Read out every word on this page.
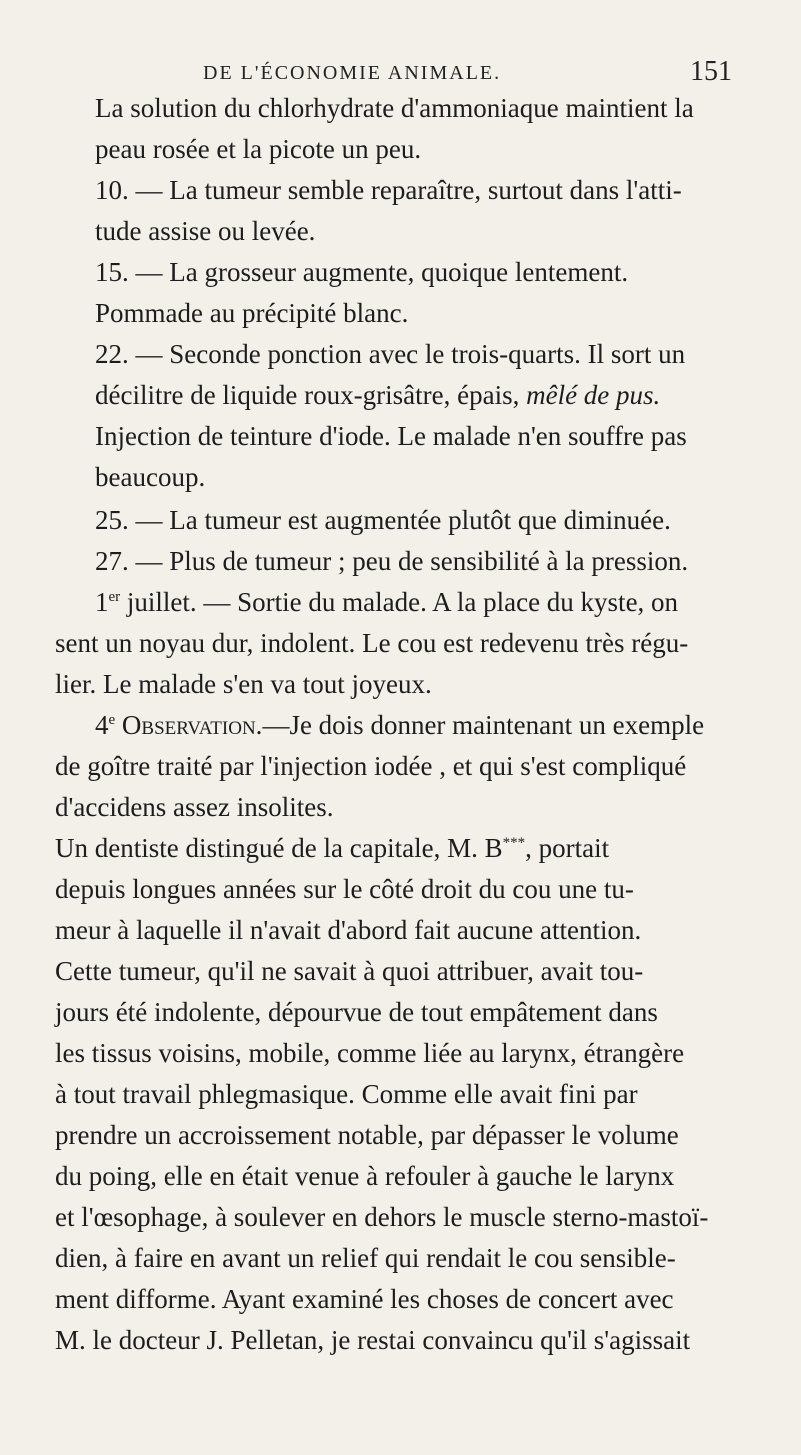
DE L'ÉCONOMIE ANIMALE.	151
La solution du chlorhydrate d'ammoniaque maintient la
peau rosée et la picote un peu.
10. — La tumeur semble reparaître, surtout dans l'atti-
tude assise ou levée.
15. — La grosseur augmente, quoique lentement.
Pommade au précipité blanc.
22. — Seconde ponction avec le trois-quarts. Il sort un
décilitre de liquide roux-grisâtre, épais, mêlé de pus.
Injection de teinture d'iode. Le malade n'en souffre pas
beaucoup.
25. — La tumeur est augmentée plutôt que diminuée.
27. — Plus de tumeur ; peu de sensibilité à la pression.
1er juillet. — Sortie du malade. A la place du kyste, on
sent un noyau dur, indolent. Le cou est redevenu très régu-
lier. Le malade s'en va tout joyeux.
4e Observation.—Je dois donner maintenant un exemple
de goître traité par l'injection iodée , et qui s'est compliqué
d'accidens assez insolites.
Un dentiste distingué de la capitale, M. B***, portait
depuis longues années sur le côté droit du cou une tu-
meur à laquelle il n'avait d'abord fait aucune attention.
Cette tumeur, qu'il ne savait à quoi attribuer, avait tou-
jours été indolente, dépourvue de tout empâtement dans
les tissus voisins, mobile, comme liée au larynx, étrangère
à tout travail phlegmasique. Comme elle avait fini par
prendre un accroissement notable, par dépasser le volume
du poing, elle en était venue à refouler à gauche le larynx
et l'œsophage, à soulever en dehors le muscle sterno-mastoï-
dien, à faire en avant un relief qui rendait le cou sensible-
ment difforme. Ayant examiné les choses de concert avec
M. le docteur J. Pelletan, je restai convaincu qu'il s'agissait
